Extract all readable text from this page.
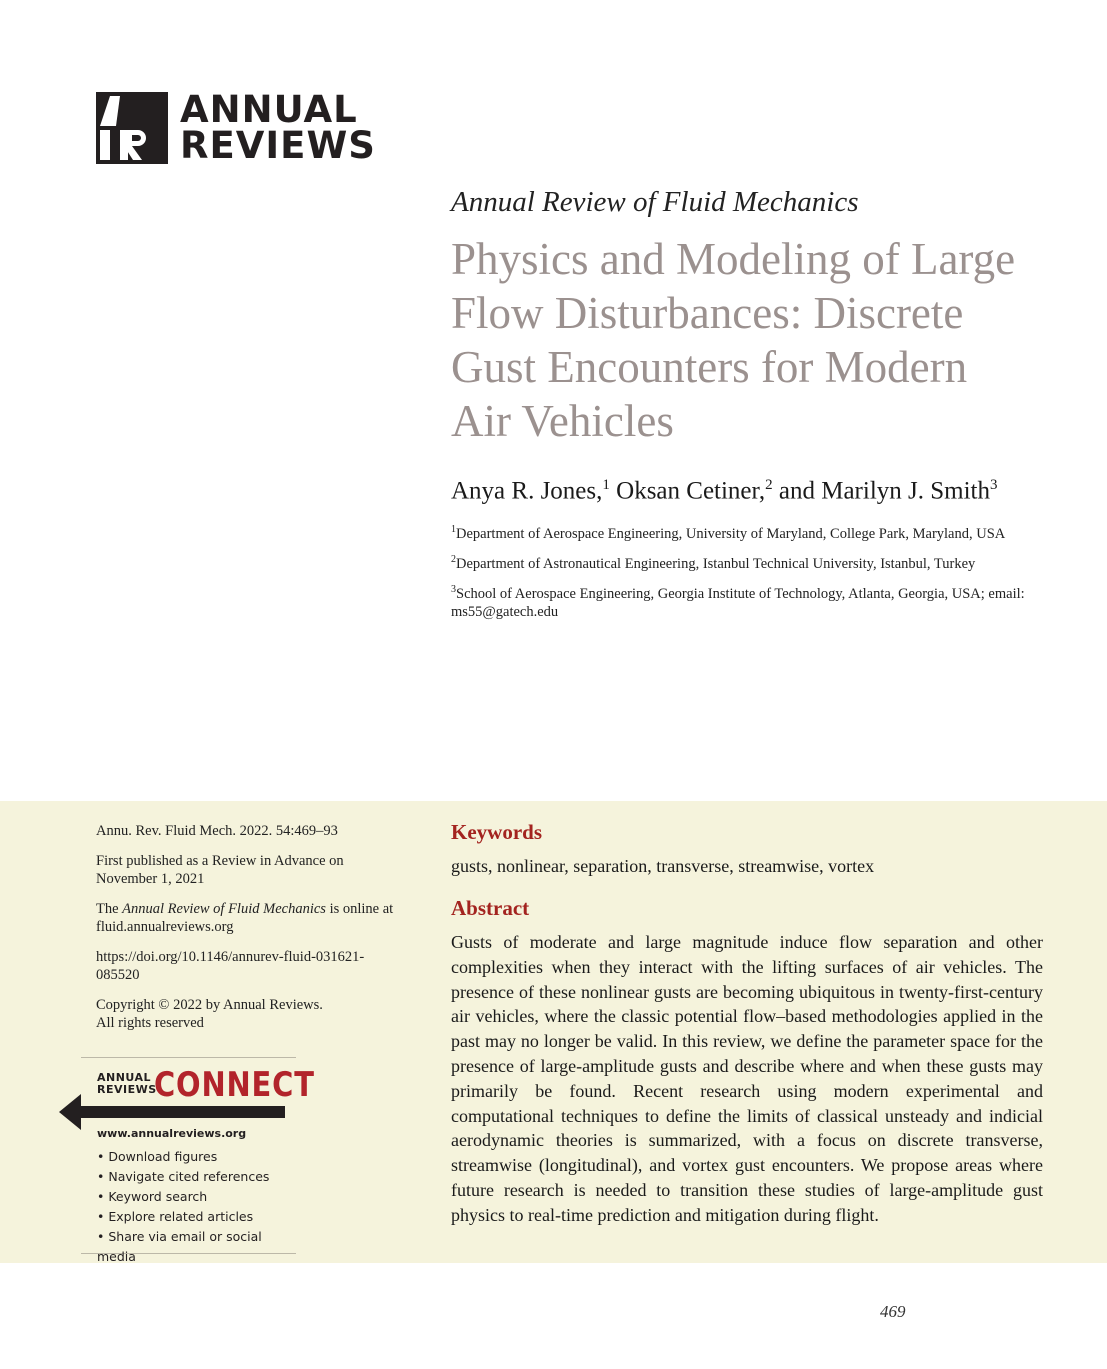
ANNUAL
REVIEWS
Annual Review of Fluid Mechanics
Physics and Modeling of Large
Flow Disturbances: Discrete
Gust Encounters for Modern
Air Vehicles
Anya R. Jones,$^1$ Oksan Cetiner,$^2$ and Marilyn J. Smith$^3$
$^1$Department of Aerospace Engineering, University of Maryland, College Park, Maryland, USA
$^2$Department of Astronautical Engineering, Istanbul Technical University, Istanbul, Turkey
$^3$School of Aerospace Engineering, Georgia Institute of Technology, Atlanta, Georgia, USA; email: ms55@gatech.edu

Annu. Rev. Fluid Mech. 2022. 54:469–93

First published as a Review in Advance on November 1, 2021

The Annual Review of Fluid Mechanics is online at fluid.annualreviews.org

https://doi.org/10.1146/annurev-fluid-031621-085520

Copyright © 2022 by Annual Reviews.
All rights reserved

ANNUAL
REVIEWS
CONNECT
www.annualreviews.org
• Download figures
• Navigate cited references
• Keyword search
• Explore related articles
• Share via email or social media
Keywords
gusts, nonlinear, separation, transverse, streamwise, vortex
Abstract
Gusts of moderate and large magnitude induce flow separation and other complexities when they interact with the lifting surfaces of air vehicles. The presence of these nonlinear gusts are becoming ubiquitous in twenty-first-century air vehicles, where the classic potential flow–based methodologies applied in the past may no longer be valid. In this review, we define the parameter space for the presence of large-amplitude gusts and describe where and when these gusts may primarily be found. Recent research using modern experimental and computational techniques to define the limits of classical unsteady and indicial aerodynamic theories is summarized, with a focus on discrete transverse, streamwise (longitudinal), and vortex gust encounters. We propose areas where future research is needed to transition these studies of large-amplitude gust physics to real-time prediction and mitigation during flight.
469
